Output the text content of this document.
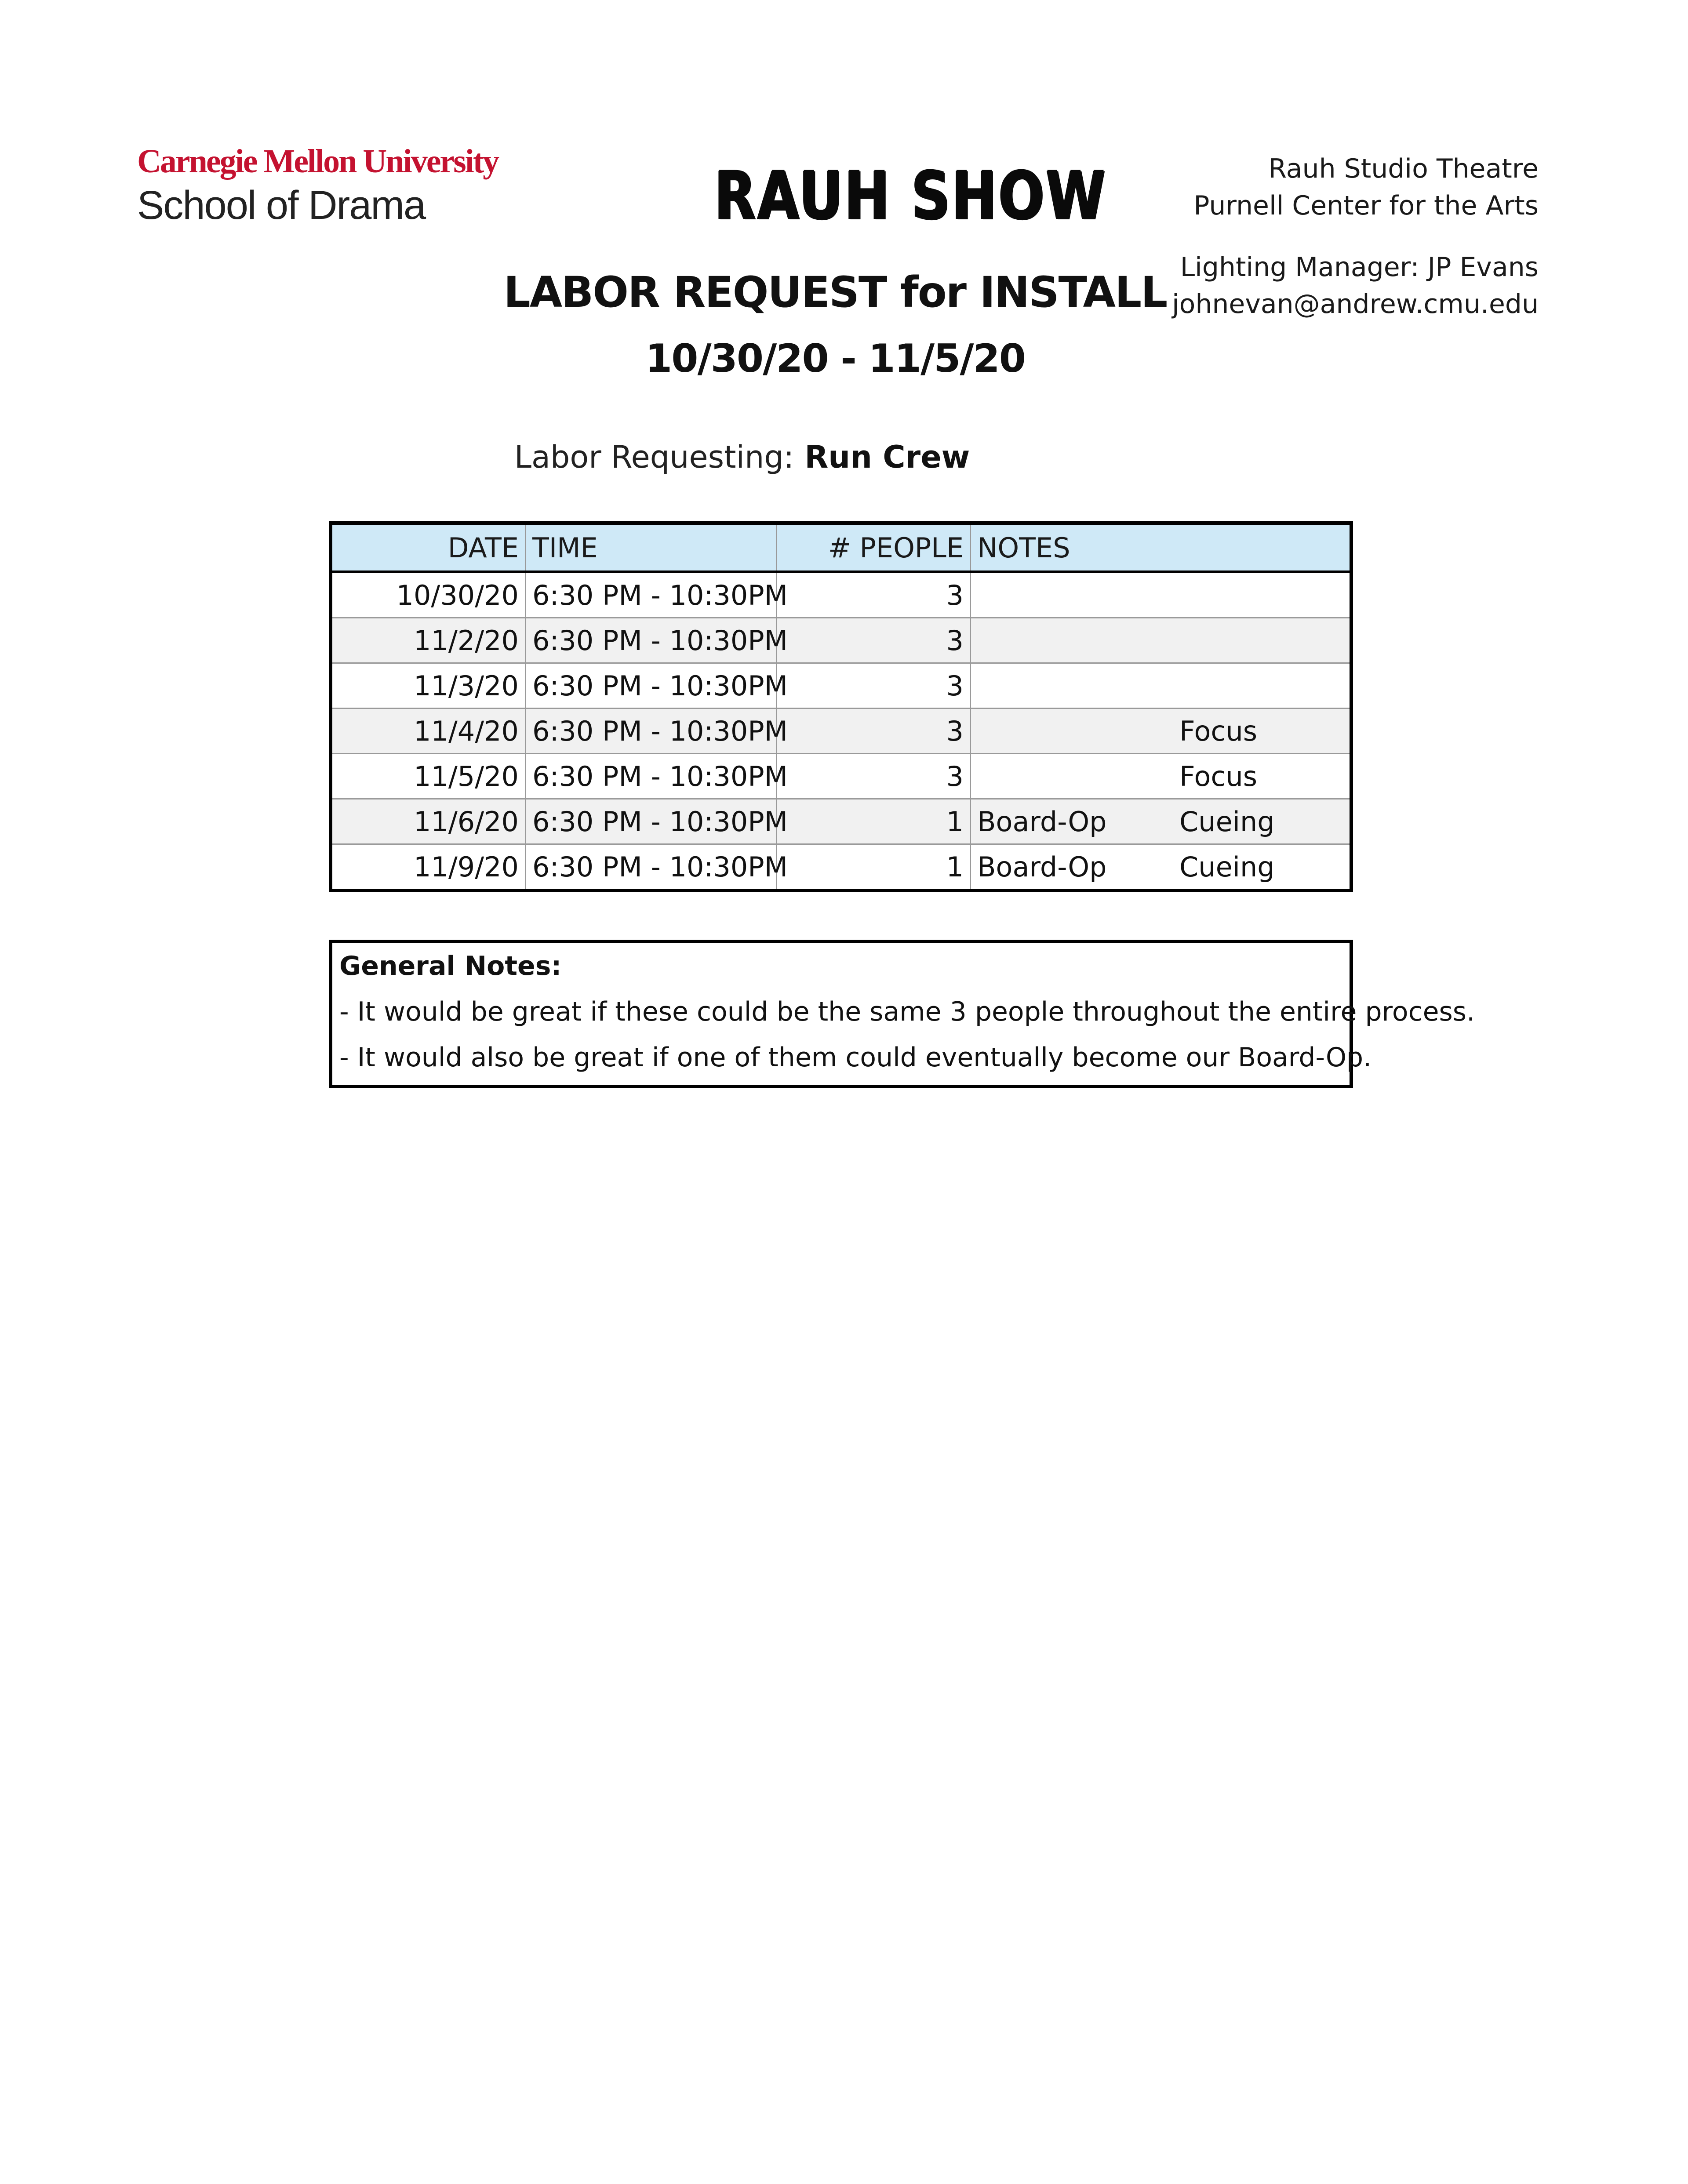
Carnegie Mellon University
School of Drama	RAUH SHOW	Rauh Studio Theatre
Purnell Center for the Arts
Lighting Manager: JP Evans
johnevan@andrew.cmu.edu
LABOR REQUEST for INSTALL
10/30/20 - 11/5/20
Labor Requesting: Run Crew
DATE	TIME	# PEOPLE	NOTES
10/30/20	6:30 PM - 10:30PM	3	

11/2/20	6:30 PM - 10:30PM	3	

11/3/20	6:30 PM - 10:30PM	3	

11/4/20	6:30 PM - 10:30PM	3	Focus

11/5/20	6:30 PM - 10:30PM	3	Focus

11/6/20	6:30 PM - 10:30PM	1	Board-Op Cueing

11/9/20	6:30 PM - 10:30PM	1	Board-Op Cueing
General Notes:
- It would be great if these could be the same 3 people throughout the entire process.
- It would also be great if one of them could eventually become our Board-Op.
